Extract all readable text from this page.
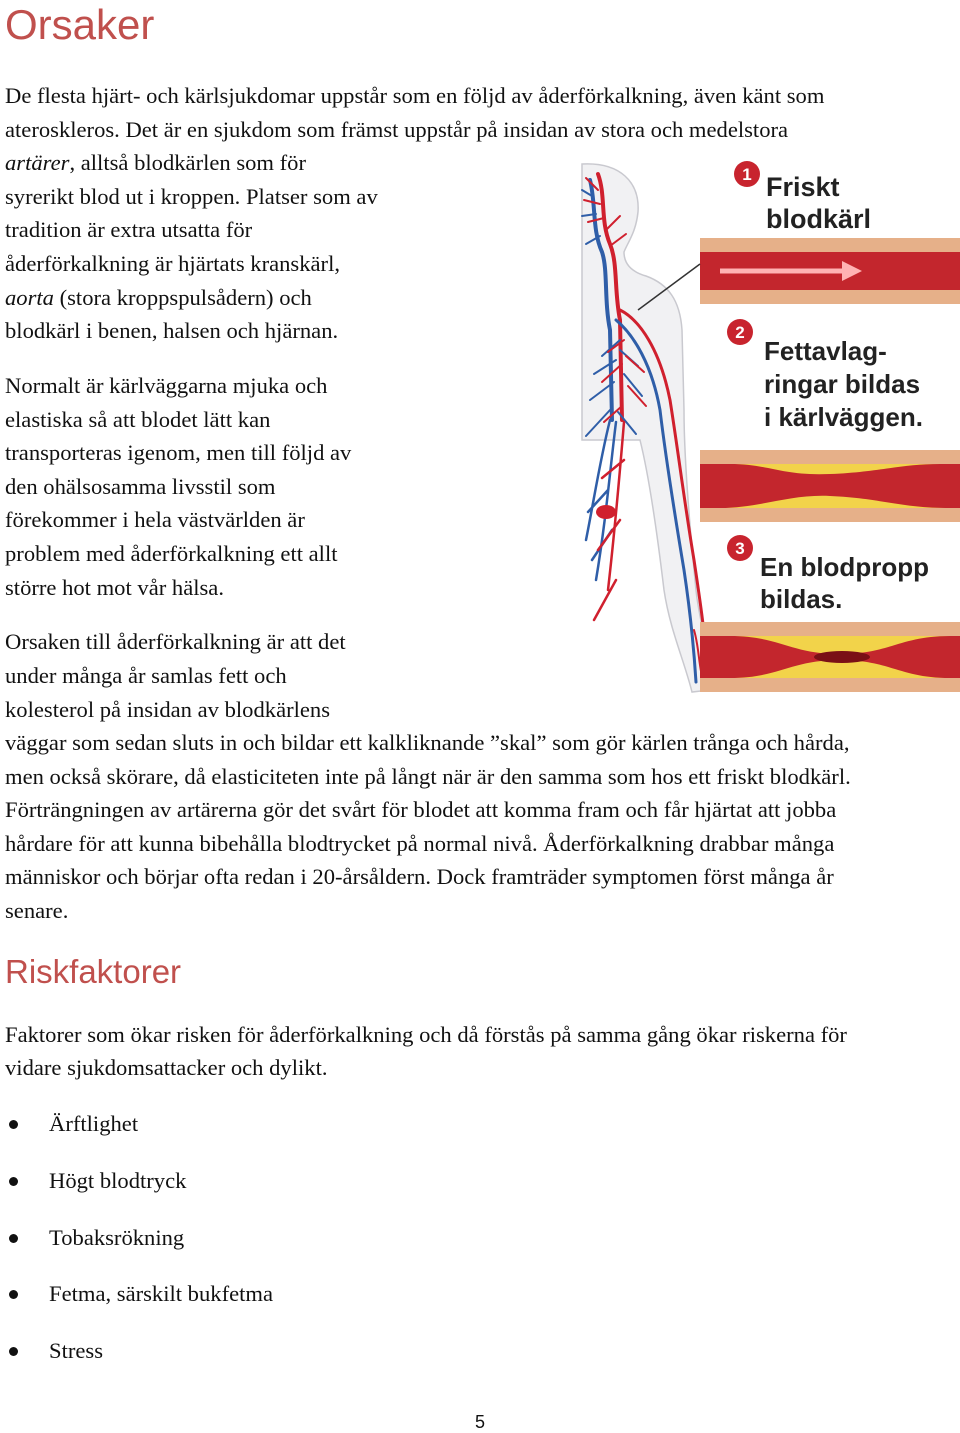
Orsaker

De flesta hjärt- och kärlsjukdomar uppstår som en följd av åderförkalkning, även känt som

ateroskleros. Det är en sjukdom som främst uppstår på insidan av stora och medelstora

artärer, alltså blodkärlen som för

syrerikt blod ut i kroppen. Platser som av

tradition är extra utsatta för

åderförkalkning är hjärtats kranskärl,

aorta (stora kroppspulsådern) och

blodkärl i benen, halsen och hjärnan.

Normalt är kärlväggarna mjuka och

elastiska så att blodet lätt kan

transporteras igenom, men till följd av

den ohälsosamma livsstil som

förekommer i hela västvärlden är

problem med åderförkalkning ett allt

större hot mot vår hälsa.

Orsaken till åderförkalkning är att det

under många år samlas fett och

kolesterol på insidan av blodkärlens

väggar som sedan sluts in och bildar ett kalkliknande ”skal” som gör kärlen trånga och hårda,

men också skörare, då elasticiteten inte på långt när är den samma som hos ett friskt blodkärl.

Förträngningen av artärerna gör det svårt för blodet att komma fram och får hjärtat att jobba

hårdare för att kunna bibehålla blodtrycket på normal nivå. Åderförkalkning drabbar många

människor och börjar ofta redan i 20-årsåldern. Dock framträder symptomen först många år

senare.

Riskfaktorer

Faktorer som ökar risken för åderförkalkning och då förstås på samma gång ökar riskerna för

vidare sjukdomsattacker och dylikt.

Ärftlighet
Högt blodtryck
Tobaksrökning
Fetma, särskilt bukfetma
Stress
1 Friskt
blodkärl
2
Fettavlag-
ringar bildas
i kärlväggen.
3
En blodpropp
bildas.
5
